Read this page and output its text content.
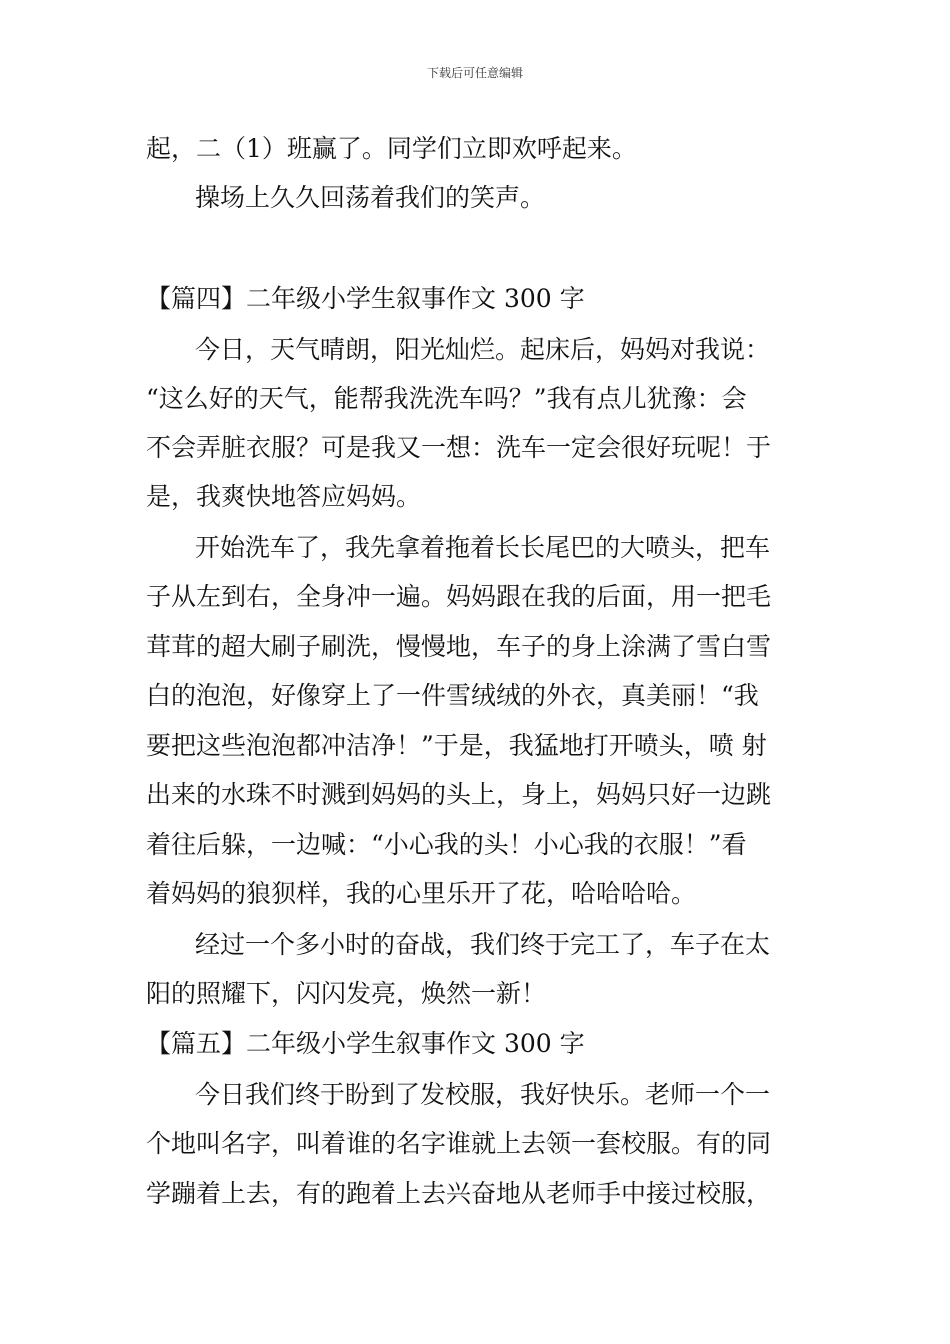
下载后可任意编辑
起，二（1）班赢了。同学们立即欢呼起来。
操场上久久回荡着我们的笑声。
【篇四】二年级小学生叙事作文 300 字
今日，天气晴朗，阳光灿烂。起床后，妈妈对我说：
“这么好的天气，能帮我洗洗车吗？”我有点儿犹豫：会
不会弄脏衣服？可是我又一想：洗车一定会很好玩呢！于
是，我爽快地答应妈妈。
开始洗车了，我先拿着拖着长长尾巴的大喷头，把车
子从左到右，全身冲一遍。妈妈跟在我的后面，用一把毛
茸茸的超大刷子刷洗，慢慢地，车子的身上涂满了雪白雪
白的泡泡，好像穿上了一件雪绒绒的外衣，真美丽！“我
要把这些泡泡都冲洁净！”于是，我猛地打开喷头，喷 射
出来的水珠不时溅到妈妈的头上，身上，妈妈只好一边跳
着往后躲，一边喊：“小心我的头！小心我的衣服！”看
着妈妈的狼狈样，我的心里乐开了花，哈哈哈哈。
经过一个多小时的奋战，我们终于完工了，车子在太
阳的照耀下，闪闪发亮，焕然一新！
【篇五】二年级小学生叙事作文 300 字
今日我们终于盼到了发校服，我好快乐。老师一个一
个地叫名字，叫着谁的名字谁就上去领一套校服。有的同
学蹦着上去，有的跑着上去兴奋地从老师手中接过校服，
